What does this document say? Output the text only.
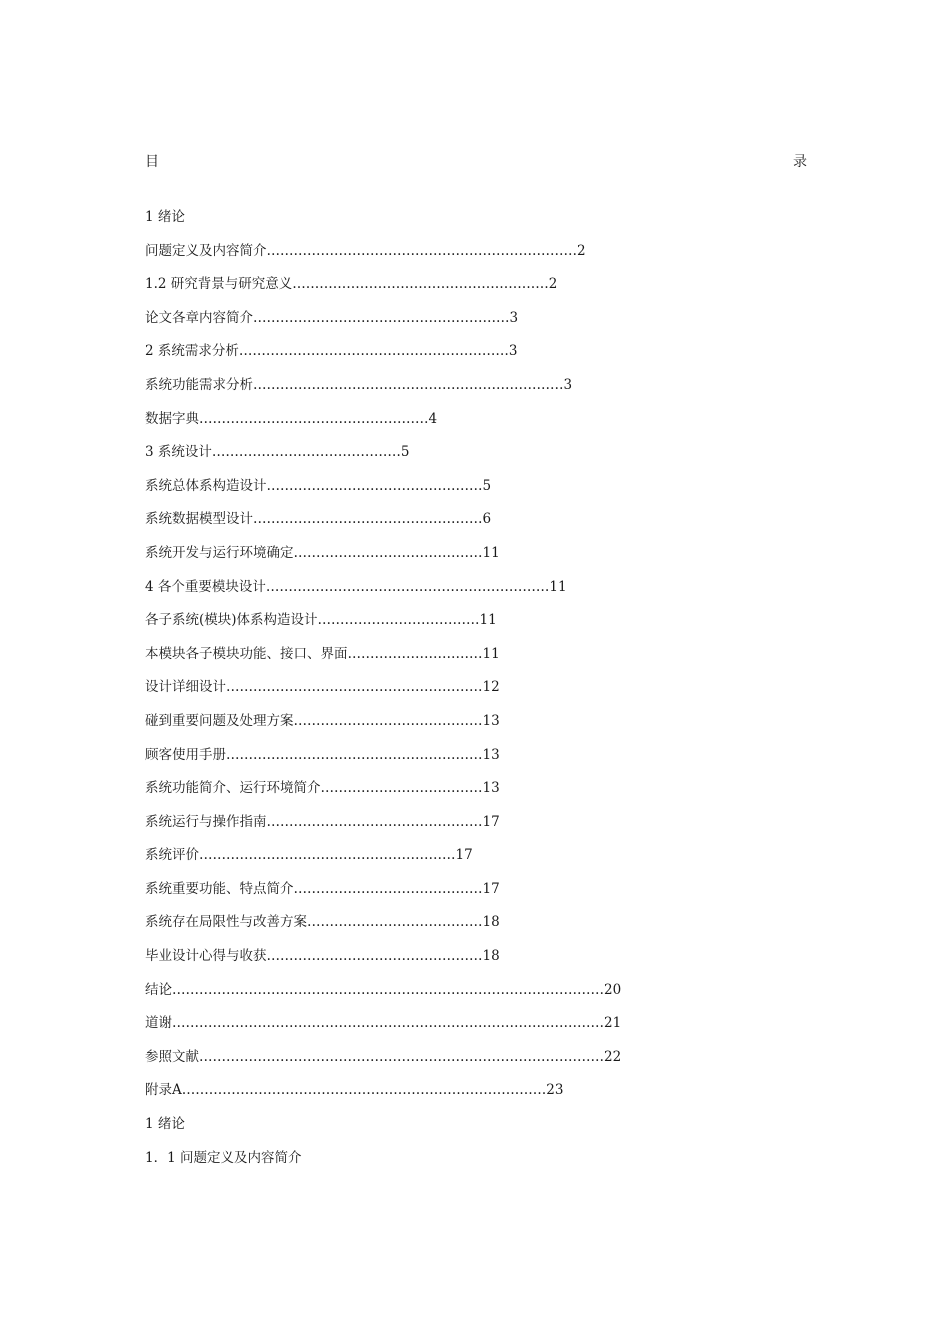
目	录
1 绪论
问题定义及内容简介……………………………………………………………2
1.2 研究背景与研究意义…………………………………………………2
论文各章内容简介…………………………………………………3
2 系统需求分析……………………………………………………3
系统功能需求分析……………………………………………………………3
数据字典……………………………………………4
3 系统设计……………………………………5
系统总体系构造设计…………………………………………5
系统数据模型设计……………………………………………6
系统开发与运行环境确定……………………………………11
4 各个重要模块设计………………………………………………………11
各子系统(模块)体系构造设计………………………………11
本模块各子模块功能、接口、界面…………………………11
设计详细设计…………………………………………………12
碰到重要问题及处理方案……………………………………13
顾客使用手册…………………………………………………13
系统功能简介、运行环境简介………………………………13
系统运行与操作指南…………………………………………17
系统评价…………………………………………………17
系统重要功能、特点简介……………………………………17
系统存在局限性与改善方案…………………………………18
毕业设计心得与收获…………………………………………18
结论……………………………………………………………………………………20
道谢……………………………………………………………………………………21
参照文献………………………………………………………………………………22
附录A………………………………………………………………………23
1 绪论
1．1 问题定义及内容简介
